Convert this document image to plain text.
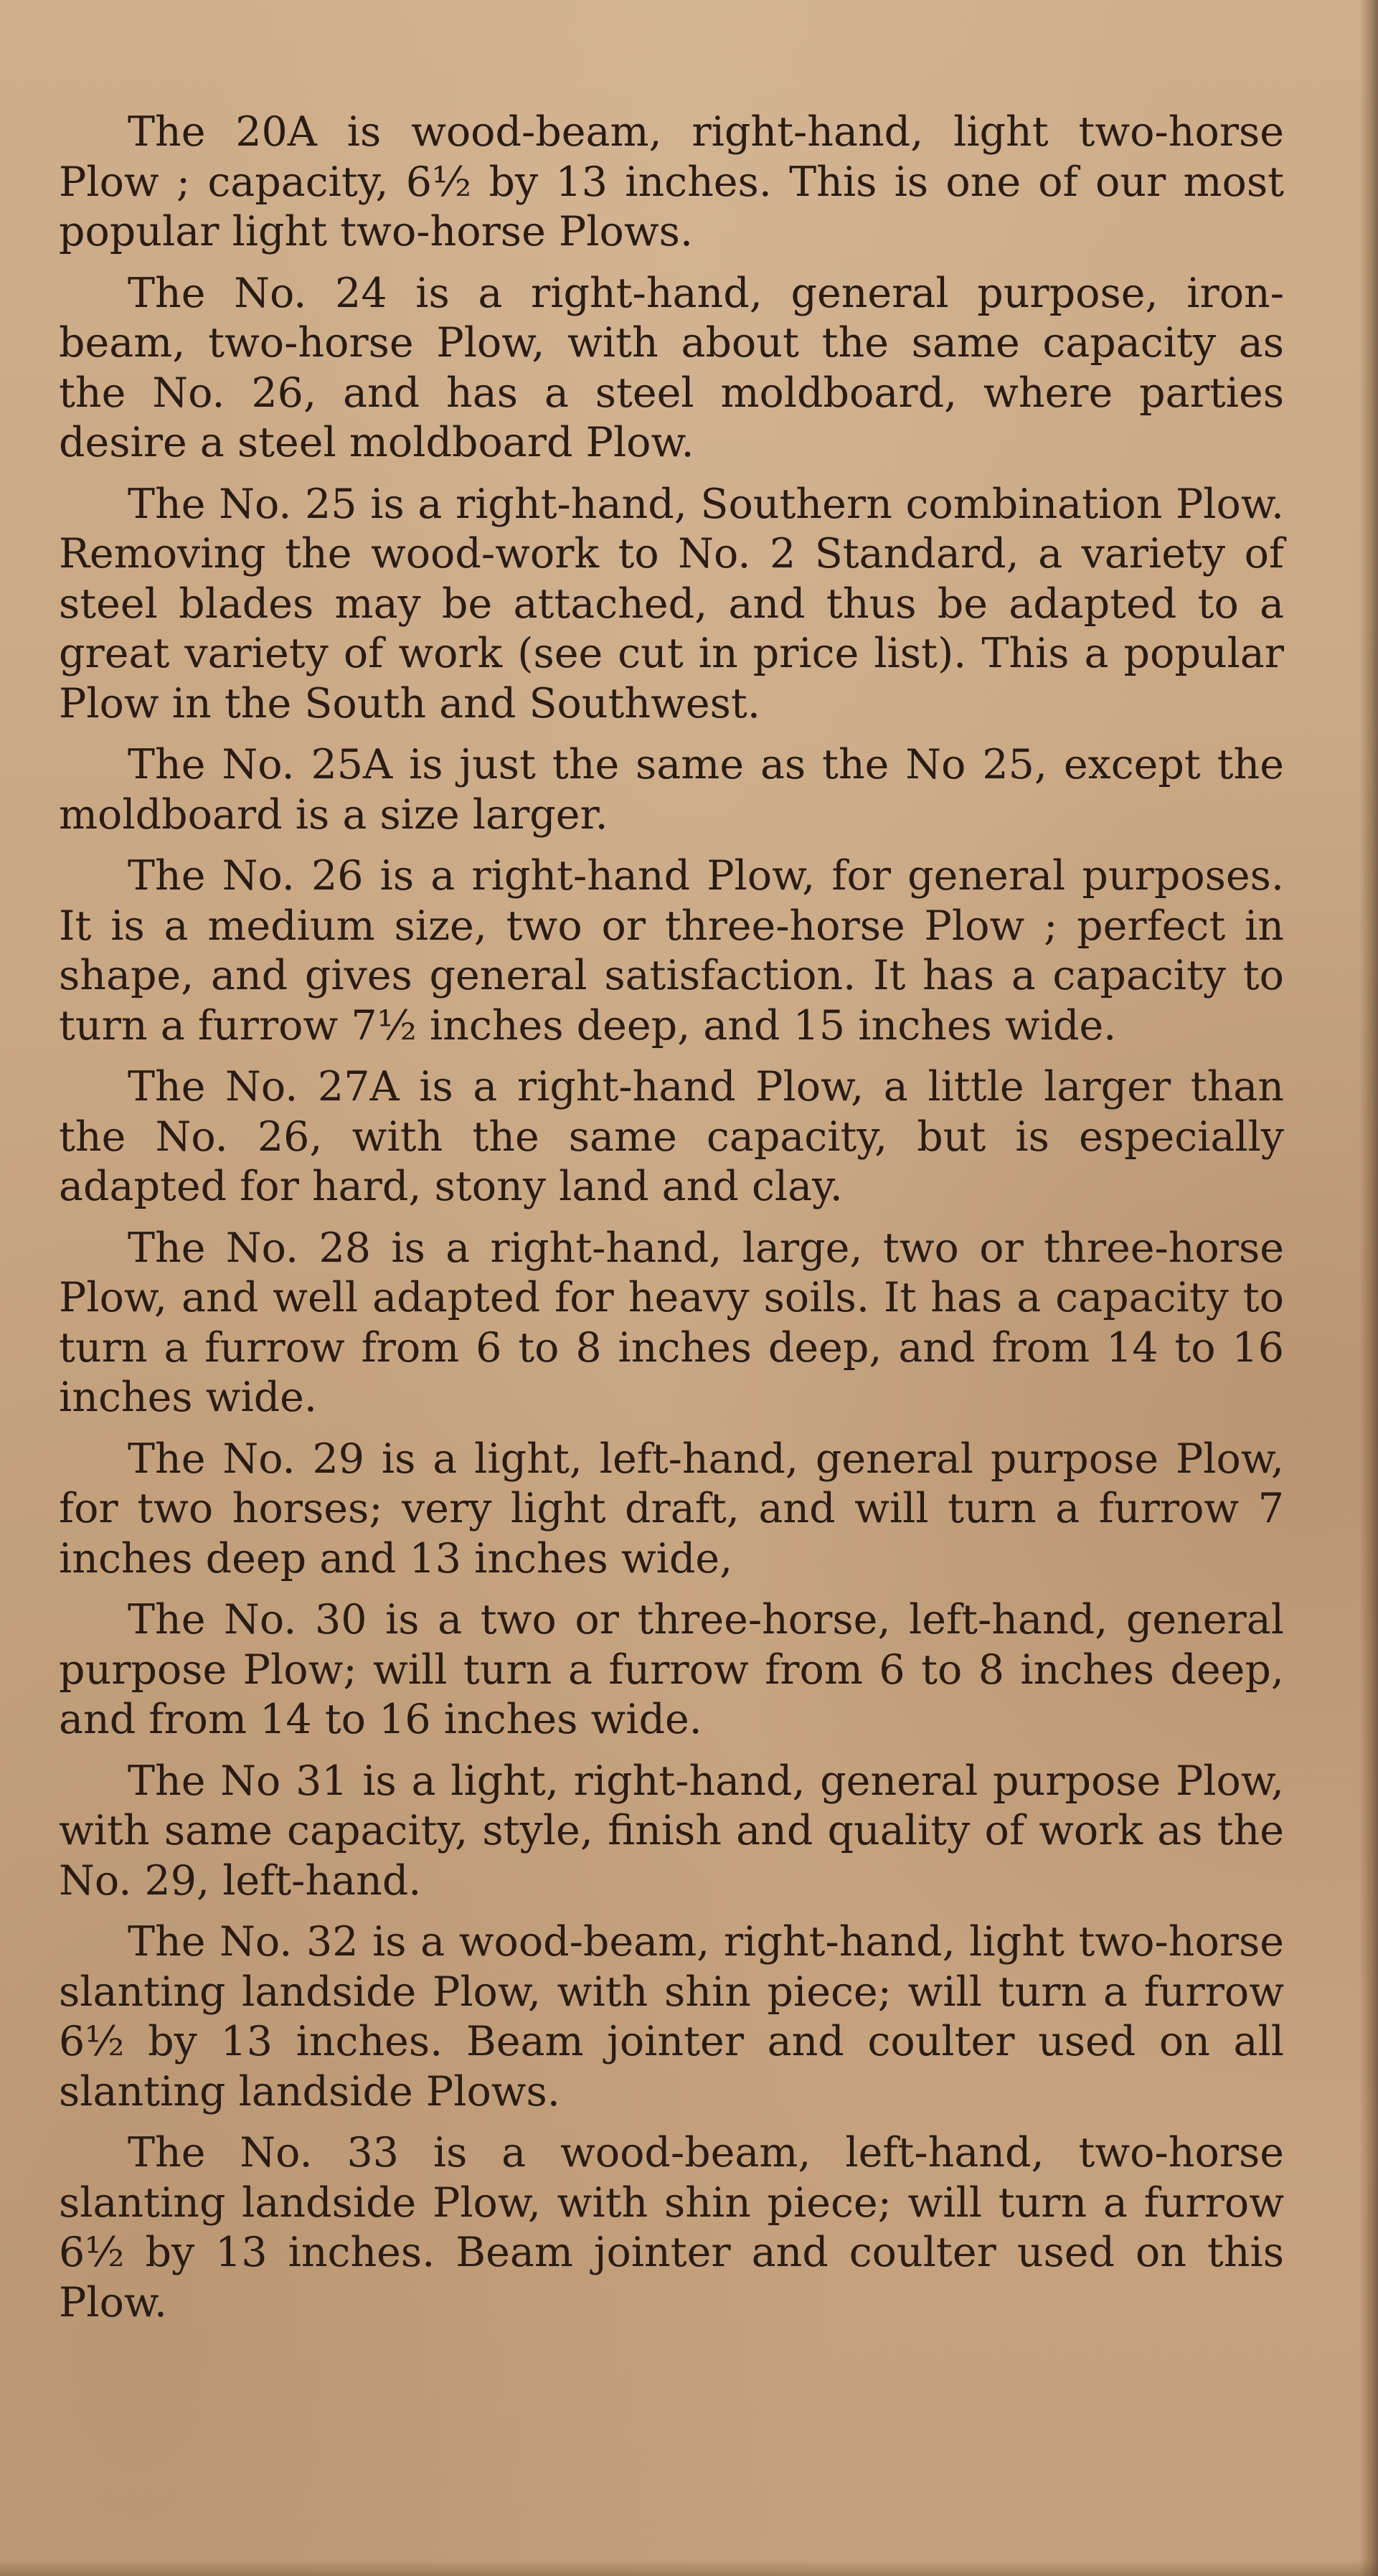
The 20A is wood-beam, right-hand, light two-horse Plow ; capacity, 6½ by 13 inches. This is one of our most popular light two-horse Plows.

The No. 24 is a right-hand, general purpose, iron-beam, two-horse Plow, with about the same capacity as the No. 26, and has a steel moldboard, where parties desire a steel moldboard Plow.

The No. 25 is a right-hand, Southern combination Plow. Removing the wood-work to No. 2 Standard, a variety of steel blades may be attached, and thus be adapted to a great variety of work (see cut in price list). This a popular Plow in the South and Southwest.

The No. 25A is just the same as the No 25, except the moldboard is a size larger.

The No. 26 is a right-hand Plow, for general purposes. It is a medium size, two or three-horse Plow ; perfect in shape, and gives general satisfaction. It has a capacity to turn a furrow 7½ inches deep, and 15 inches wide.

The No. 27A is a right-hand Plow, a little larger than the No. 26, with the same capacity, but is especially adapted for hard, stony land and clay.

The No. 28 is a right-hand, large, two or three-horse Plow, and well adapted for heavy soils. It has a capacity to turn a furrow from 6 to 8 inches deep, and from 14 to 16 inches wide.

The No. 29 is a light, left-hand, general purpose Plow, for two horses; very light draft, and will turn a furrow 7 inches deep and 13 inches wide,

The No. 30 is a two or three-horse, left-hand, general purpose Plow; will turn a furrow from 6 to 8 inches deep, and from 14 to 16 inches wide.

The No 31 is a light, right-hand, general purpose Plow, with same capacity, style, finish and quality of work as the No. 29, left-hand.

The No. 32 is a wood-beam, right-hand, light two-horse slanting landside Plow, with shin piece; will turn a furrow 6½ by 13 inches. Beam jointer and coulter used on all slanting landside Plows.

The No. 33 is a wood-beam, left-hand, two-horse slanting landside Plow, with shin piece; will turn a furrow 6½ by 13 inches. Beam jointer and coulter used on this Plow.
